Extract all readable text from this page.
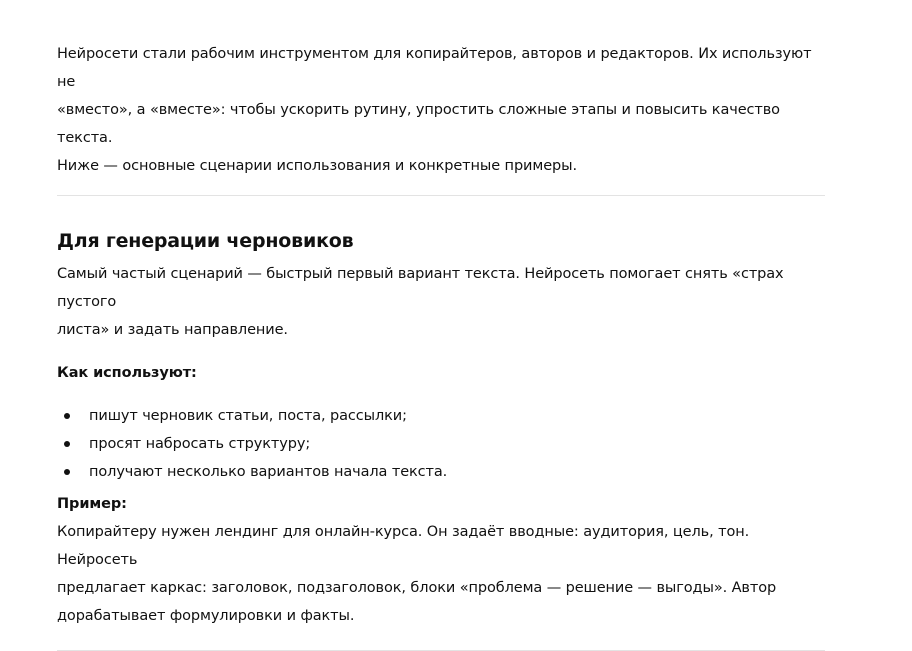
Нейросети стали рабочим инструментом для копирайтеров, авторов и редакторов. Их используют не
«вместо», а «вместе»: чтобы ускорить рутину, упростить сложные этапы и повысить качество текста.
Ниже — основные сценарии использования и конкретные примеры.

Для генерации черновиков

Самый частый сценарий — быстрый первый вариант текста. Нейросеть помогает снять «страх пустого
листа» и задать направление.

Как используют:

пишут черновик статьи, поста, рассылки;
просят набросать структуру;
получают несколько вариантов начала текста.

Пример:

Копирайтеру нужен лендинг для онлайн-курса. Он задаёт вводные: аудитория, цель, тон. Нейросеть
предлагает каркас: заголовок, подзаголовок, блоки «проблема — решение — выгоды». Автор
дорабатывает формулировки и факты.
